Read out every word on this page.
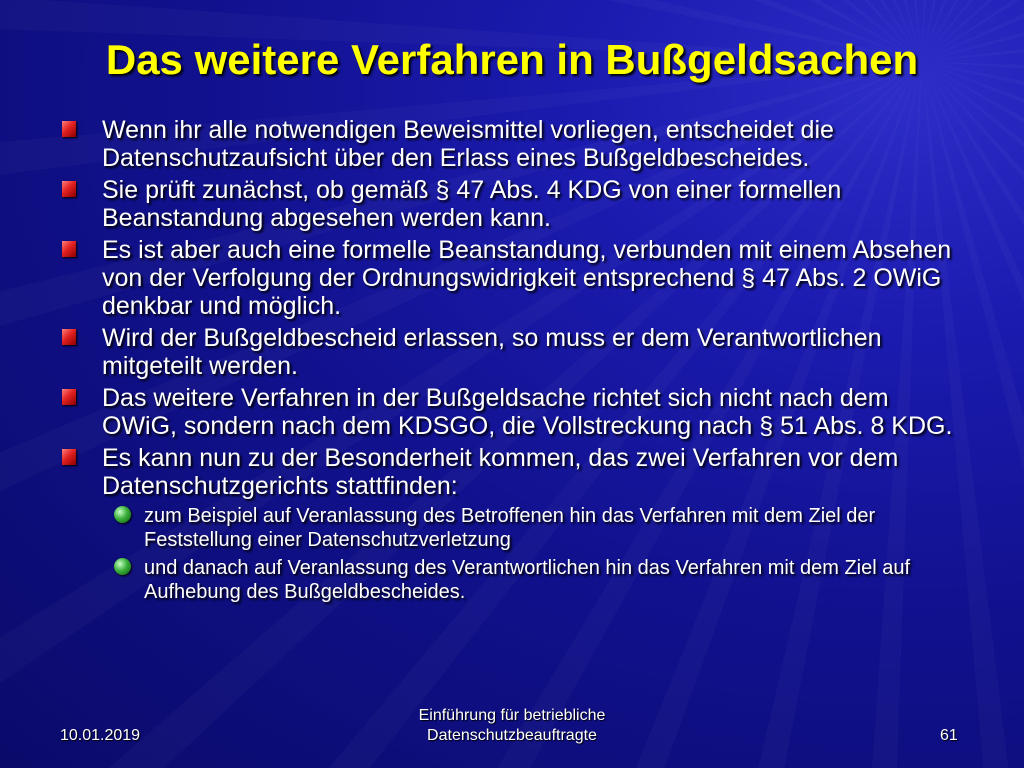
Das weitere Verfahren in Bußgeldsachen
Wenn ihr alle notwendigen Beweismittel vorliegen, entscheidet die Datenschutzaufsicht über den Erlass eines Bußgeldbescheides.
Sie prüft zunächst, ob gemäß § 47 Abs. 4 KDG von einer formellen Beanstandung abgesehen werden kann.
Es ist aber auch eine formelle Beanstandung, verbunden mit einem Absehen von der Verfolgung der Ordnungswidrigkeit entsprechend § 47 Abs. 2 OWiG denkbar und möglich.
Wird der Bußgeldbescheid erlassen, so muss er dem Verantwortlichen mitgeteilt werden.
Das weitere Verfahren in der Bußgeldsache richtet sich nicht nach dem OWiG, sondern nach dem KDSGO, die Vollstreckung nach § 51 Abs. 8 KDG.
Es kann nun zu der Besonderheit kommen, das zwei Verfahren vor dem Datenschutzgerichts stattfinden:
zum Beispiel auf Veranlassung des Betroffenen hin das Verfahren mit dem Ziel der Feststellung einer Datenschutzverletzung
und danach auf Veranlassung des Verantwortlichen hin das Verfahren mit dem Ziel auf Aufhebung des Bußgeldbescheides.
10.01.2019
Einführung für betriebliche
Datenschutzbeauftragte	61
